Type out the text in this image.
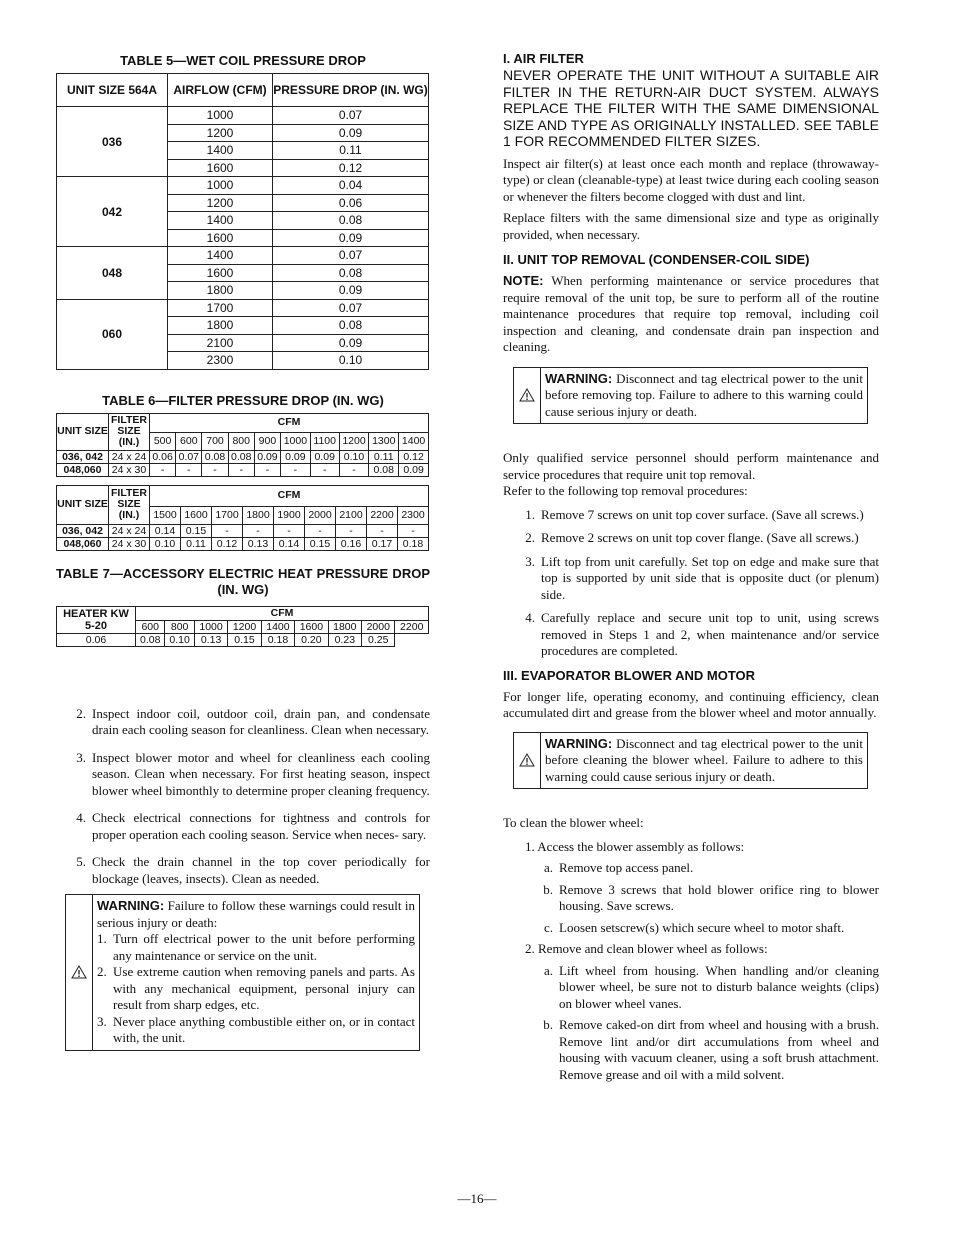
TABLE 5—WET COIL PRESSURE DROP
UNIT SIZE 564A	AIRFLOW (CFM)	PRESSURE DROP (IN. WG)
036	1000	0.07
	1200	0.09
	1400	0.11
	1600	0.12
042	1000	0.04
	1200	0.06
	1400	0.08
	1600	0.09
048	1400	0.07
	1600	0.08
	1800	0.09
060	1700	0.07
	1800	0.08
	2100	0.09
	2300	0.10
TABLE 6—FILTER PRESSURE DROP (IN. WG)
UNIT SIZE	FILTER SIZE (IN.)	CFM									
		500	600	700	800	900	1000	1100	1200	1300	1400
036, 042	24 x 24	0.06	0.07	0.08	0.08	0.09	0.09	0.09	0.10	0.11	0.12
048,060	24 x 30	-	-	-	-	-	-	-	-	0.08	0.09
UNIT SIZE	FILTER SIZE (IN.)	CFM								
		1500	1600	1700	1800	1900	2000	2100	2200	2300
036, 042	24 x 24	0.14	0.15	-	-	-	-	-	-	-
048,060	24 x 30	0.10	0.11	0.12	0.13	0.14	0.15	0.16	0.17	0.18
TABLE 7—ACCESSORY ELECTRIC HEAT PRESSURE DROP (IN. WG)
HEATER KW 5-20	CFM								
	600	800	1000	1200	1400	1600	1800	2000	2200
0.06	0.08	0.10	0.13	0.15	0.18	0.20	0.23	0.25	
2. Inspect indoor coil, outdoor coil, drain pan, and condensate drain each cooling season for cleanliness. Clean when necessary.
3. Inspect blower motor and wheel for cleanliness each cooling season. Clean when necessary. For first heating season, inspect blower wheel bimonthly to determine proper cleaning frequency.
4. Check electrical connections for tightness and controls for proper operation each cooling season. Service when neces- sary.
5. Check the drain channel in the top cover periodically for blockage (leaves, insects). Clean as needed.
WARNING: Failure to follow these warnings could result in serious injury or death:
1. Turn off electrical power to the unit before performing any maintenance or service on the unit.
2. Use extreme caution when removing panels and parts. As with any mechanical equipment, personal injury can result from sharp edges, etc.
3. Never place anything combustible either on, or in contact with, the unit.
I. AIR FILTER

NEVER OPERATE THE UNIT WITHOUT A SUITABLE AIR FILTER IN THE RETURN-AIR DUCT SYSTEM. ALWAYS REPLACE THE FILTER WITH THE SAME DIMENSIONAL SIZE AND TYPE AS ORIGINALLY INSTALLED. SEE TABLE 1 FOR RECOMMENDED FILTER SIZES.

Inspect air filter(s) at least once each month and replace (throwaway-type) or clean (cleanable-type) at least twice during each cooling season or whenever the filters become clogged with dust and lint.

Replace filters with the same dimensional size and type as originally provided, when necessary.

II. UNIT TOP REMOVAL (CONDENSER-COIL SIDE)

NOTE: When performing maintenance or service procedures that require removal of the unit top, be sure to perform all of the routine maintenance procedures that require top removal, including coil inspection and cleaning, and condensate drain pan inspection and cleaning.

WARNING: Disconnect and tag electrical power to the unit before removing top. Failure to adhere to this warning could cause serious injury or death.

Only qualified service personnel should perform maintenance and service procedures that require unit top removal.

Refer to the following top removal procedures:

1. Remove 7 screws on unit top cover surface. (Save all screws.)
2. Remove 2 screws on unit top cover flange. (Save all screws.)
3. Lift top from unit carefully. Set top on edge and make sure that top is supported by unit side that is opposite duct (or plenum) side.
4. Carefully replace and secure unit top to unit, using screws removed in Steps 1 and 2, when maintenance and/or service procedures are completed.
III. EVAPORATOR BLOWER AND MOTOR

For longer life, operating economy, and continuing efficiency, clean accumulated dirt and grease from the blower wheel and motor annually.

WARNING: Disconnect and tag electrical power to the unit before cleaning the blower wheel. Failure to adhere to this warning could cause serious injury or death.

To clean the blower wheel:

1. Access the blower assembly as follows:
a. Remove top access panel.
b. Remove 3 screws that hold blower orifice ring to blower housing. Save screws.
c. Loosen setscrew(s) which secure wheel to motor shaft.
2. Remove and clean blower wheel as follows:
a. Lift wheel from housing. When handling and/or cleaning blower wheel, be sure not to disturb balance weights (clips) on blower wheel vanes.
b. Remove caked-on dirt from wheel and housing with a brush. Remove lint and/or dirt accumulations from wheel and housing with vacuum cleaner, using a soft brush attachment. Remove grease and oil with a mild solvent.
—16—
